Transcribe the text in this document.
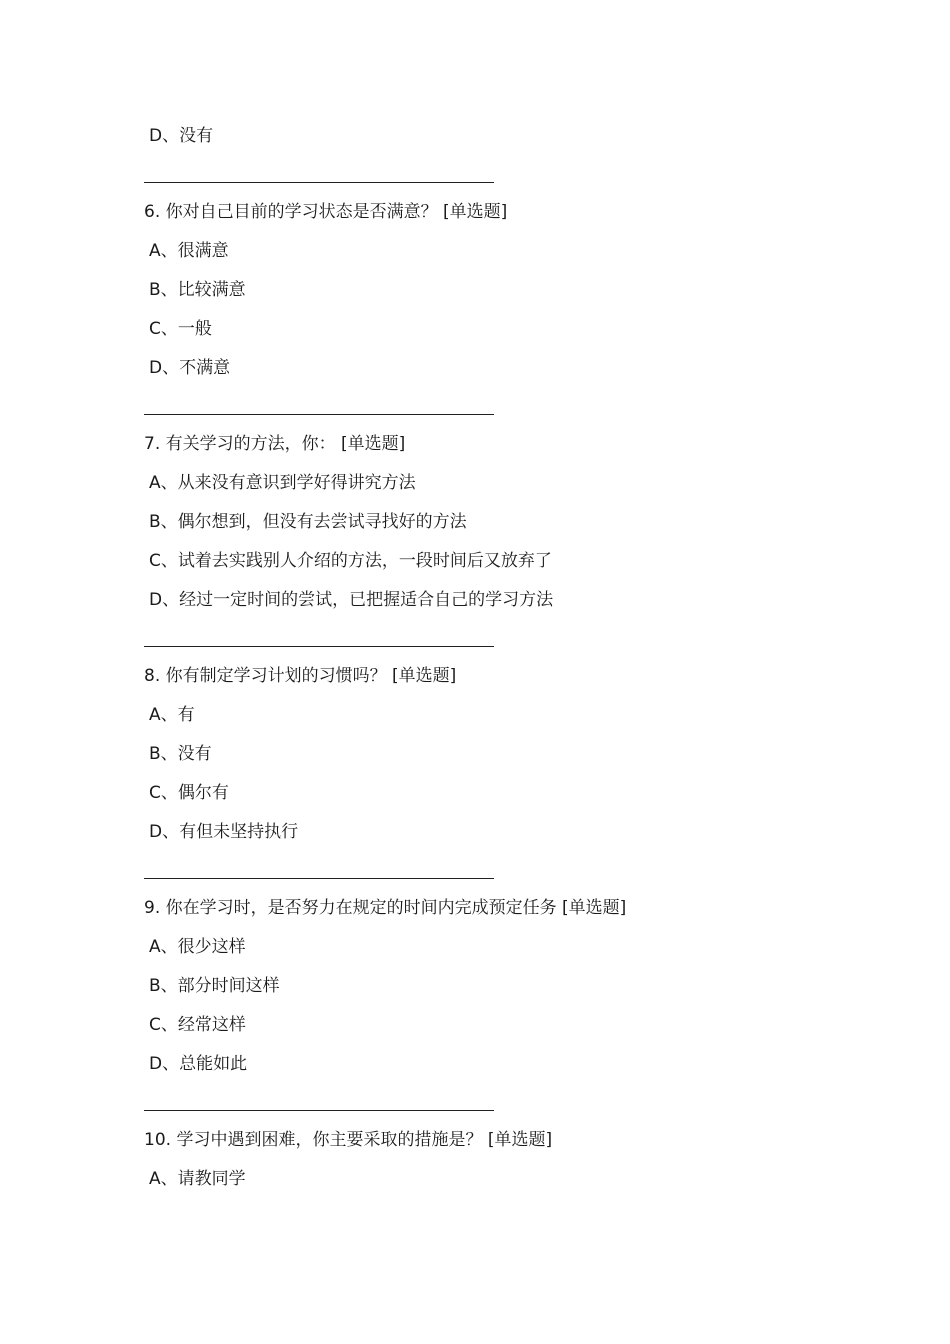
D、没有
6. 你对自己目前的学习状态是否满意？ [单选题]
A、很满意
B、比较满意
C、一般
D、不满意
7. 有关学习的方法，你： [单选题]
A、从来没有意识到学好得讲究方法
B、偶尔想到，但没有去尝试寻找好的方法
C、试着去实践别人介绍的方法，一段时间后又放弃了
D、经过一定时间的尝试，已把握适合自己的学习方法
8. 你有制定学习计划的习惯吗？ [单选题]
A、有
B、没有
C、偶尔有
D、有但未坚持执行
9. 你在学习时，是否努力在规定的时间内完成预定任务 [单选题]
A、很少这样
B、部分时间这样
C、经常这样
D、总能如此
10. 学习中遇到困难，你主要采取的措施是？ [单选题]
A、请教同学
